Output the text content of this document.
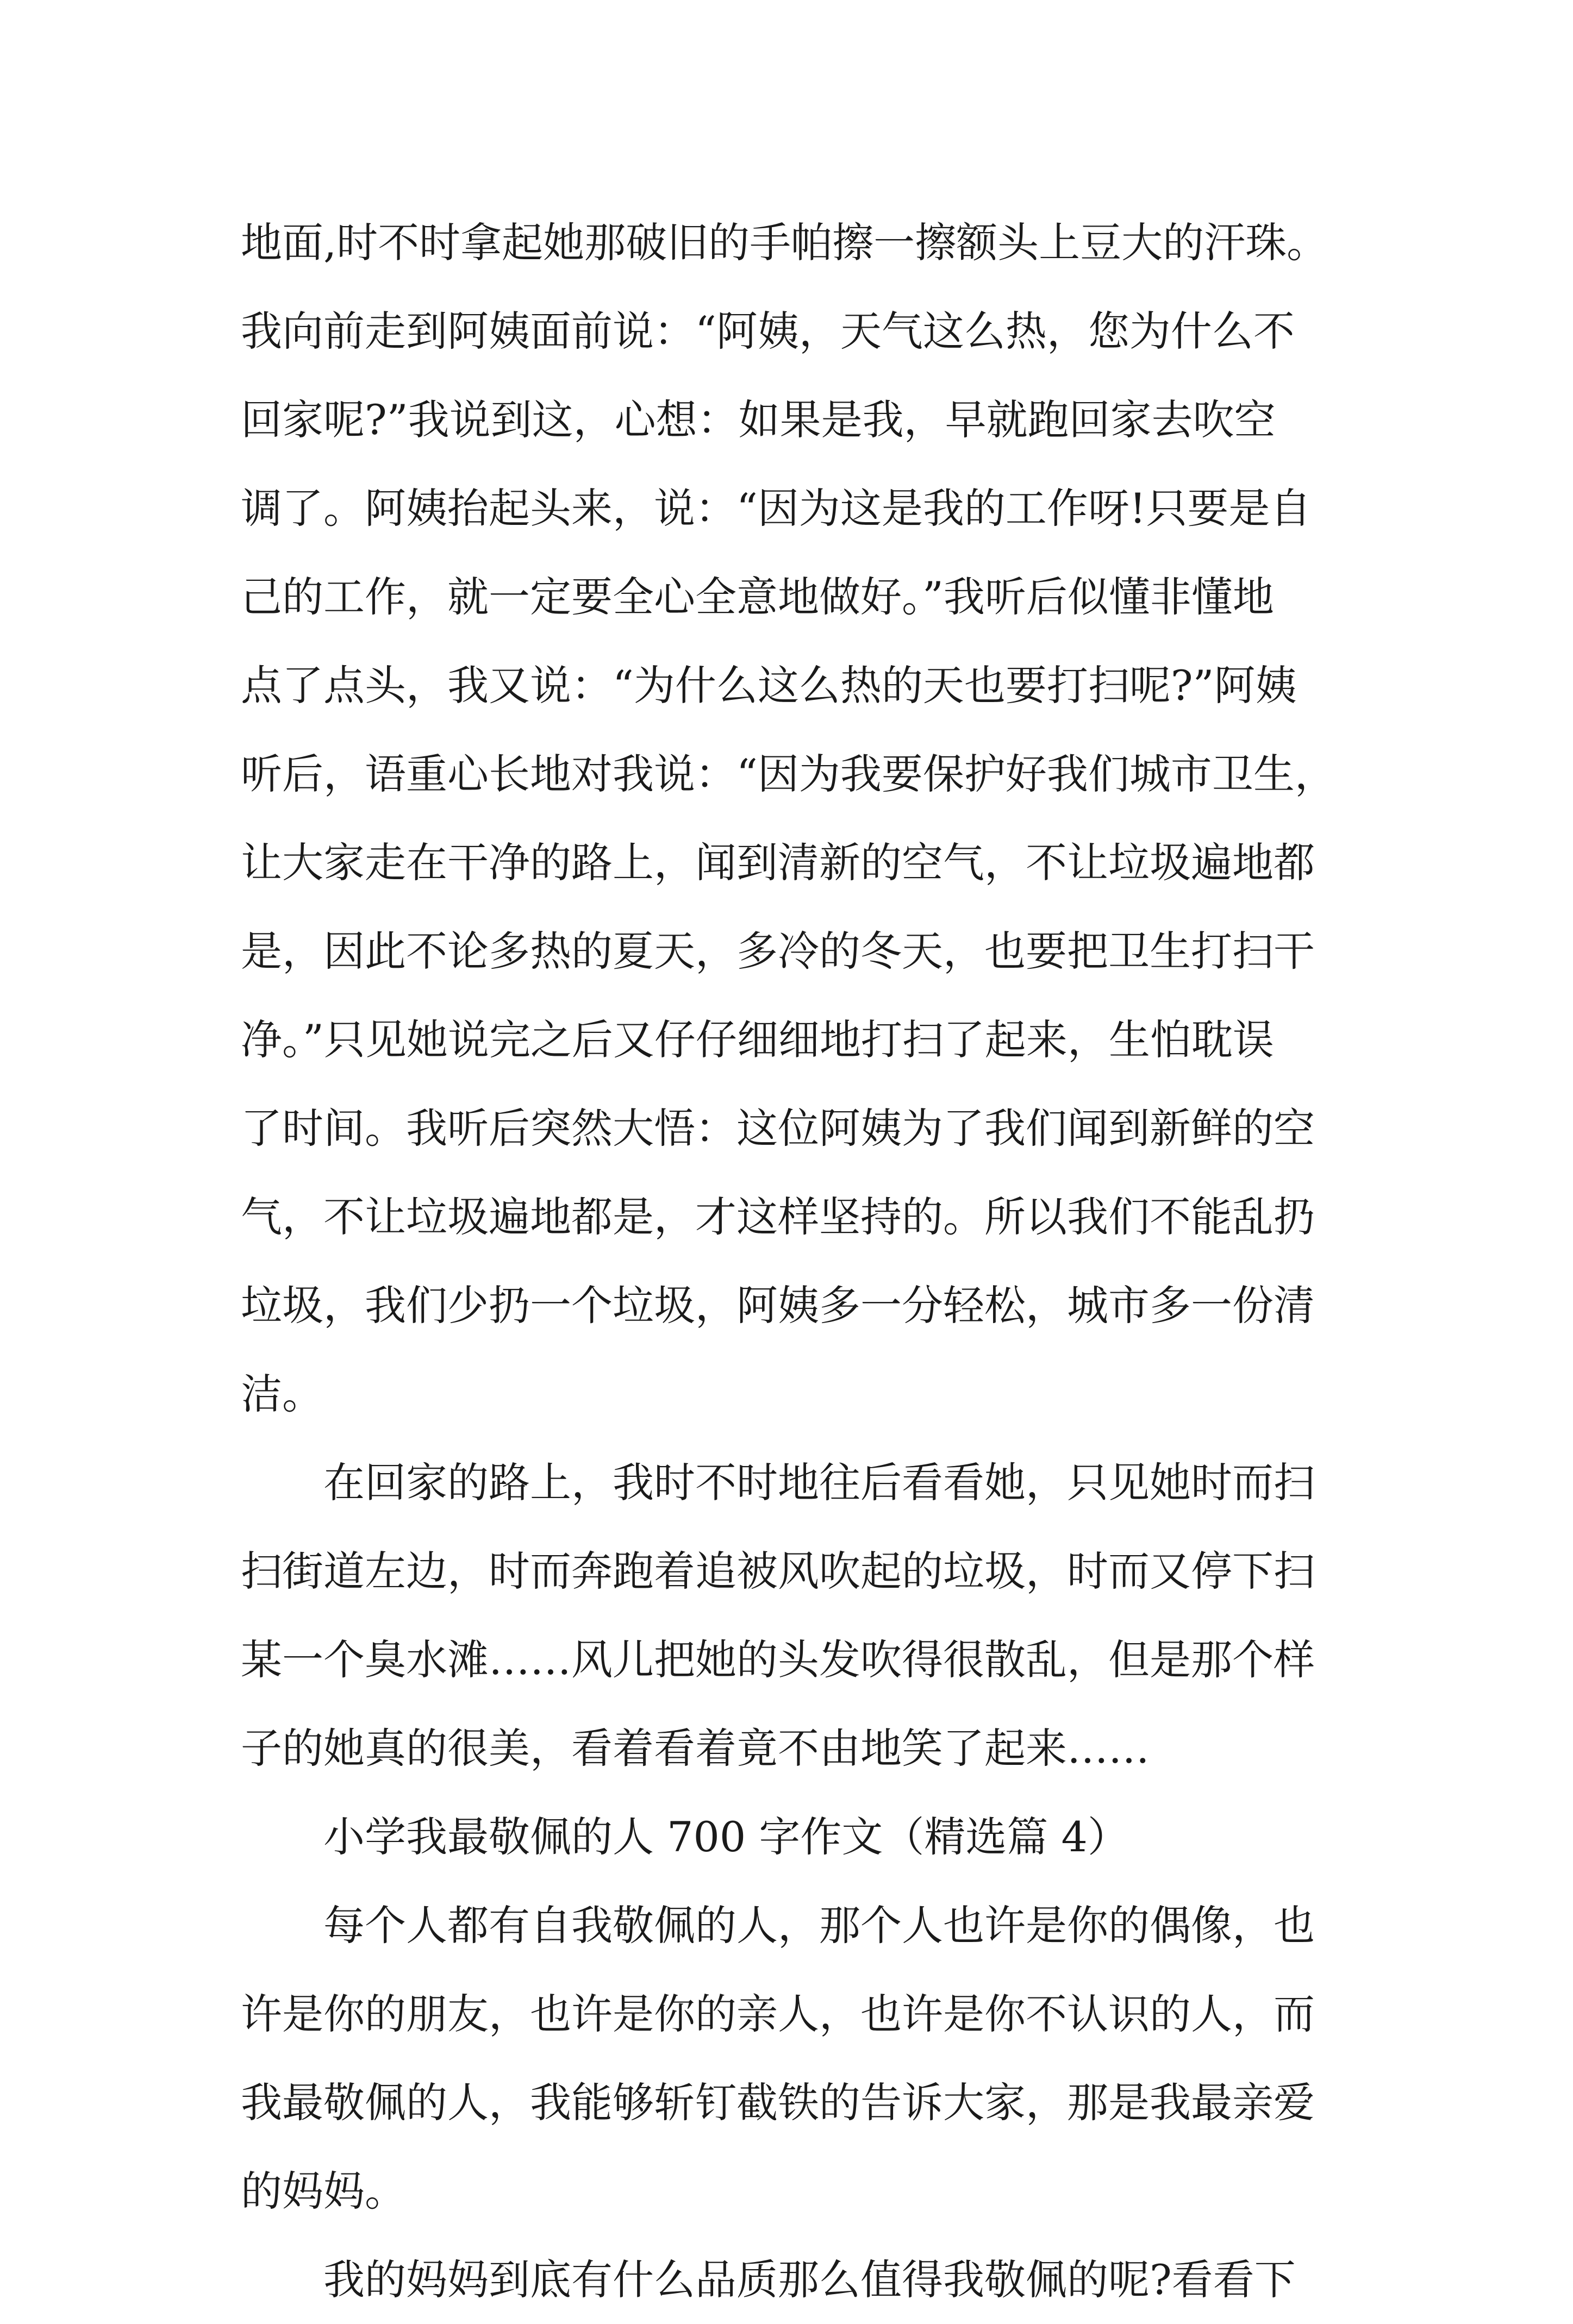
地面,时不时拿起她那破旧的手帕擦一擦额头上豆大的汗珠。
我向前走到阿姨面前说：“阿姨，天气这么热，您为什么不
回家呢?”我说到这，心想：如果是我，早就跑回家去吹空
调了。阿姨抬起头来，说：“因为这是我的工作呀!只要是自
己的工作，就一定要全心全意地做好。”我听后似懂非懂地
点了点头，我又说：“为什么这么热的天也要打扫呢?”阿姨
听后，语重心长地对我说：“因为我要保护好我们城市卫生，
让大家走在干净的路上，闻到清新的空气，不让垃圾遍地都
是，因此不论多热的夏天，多冷的冬天，也要把卫生打扫干
净。”只见她说完之后又仔仔细细地打扫了起来，生怕耽误
了时间。我听后突然大悟：这位阿姨为了我们闻到新鲜的空
气，不让垃圾遍地都是，才这样坚持的。所以我们不能乱扔
垃圾，我们少扔一个垃圾，阿姨多一分轻松，城市多一份清
洁。
在回家的路上，我时不时地往后看看她，只见她时而扫
扫街道左边，时而奔跑着追被风吹起的垃圾，时而又停下扫
某一个臭水滩……风儿把她的头发吹得很散乱，但是那个样
子的她真的很美，看着看着竟不由地笑了起来……
小学我最敬佩的人 700 字作文（精选篇 4）
每个人都有自我敬佩的人，那个人也许是你的偶像，也
许是你的朋友，也许是你的亲人，也许是你不认识的人，而
我最敬佩的人，我能够斩钉截铁的告诉大家，那是我最亲爱
的妈妈。
我的妈妈到底有什么品质那么值得我敬佩的呢?看看下
